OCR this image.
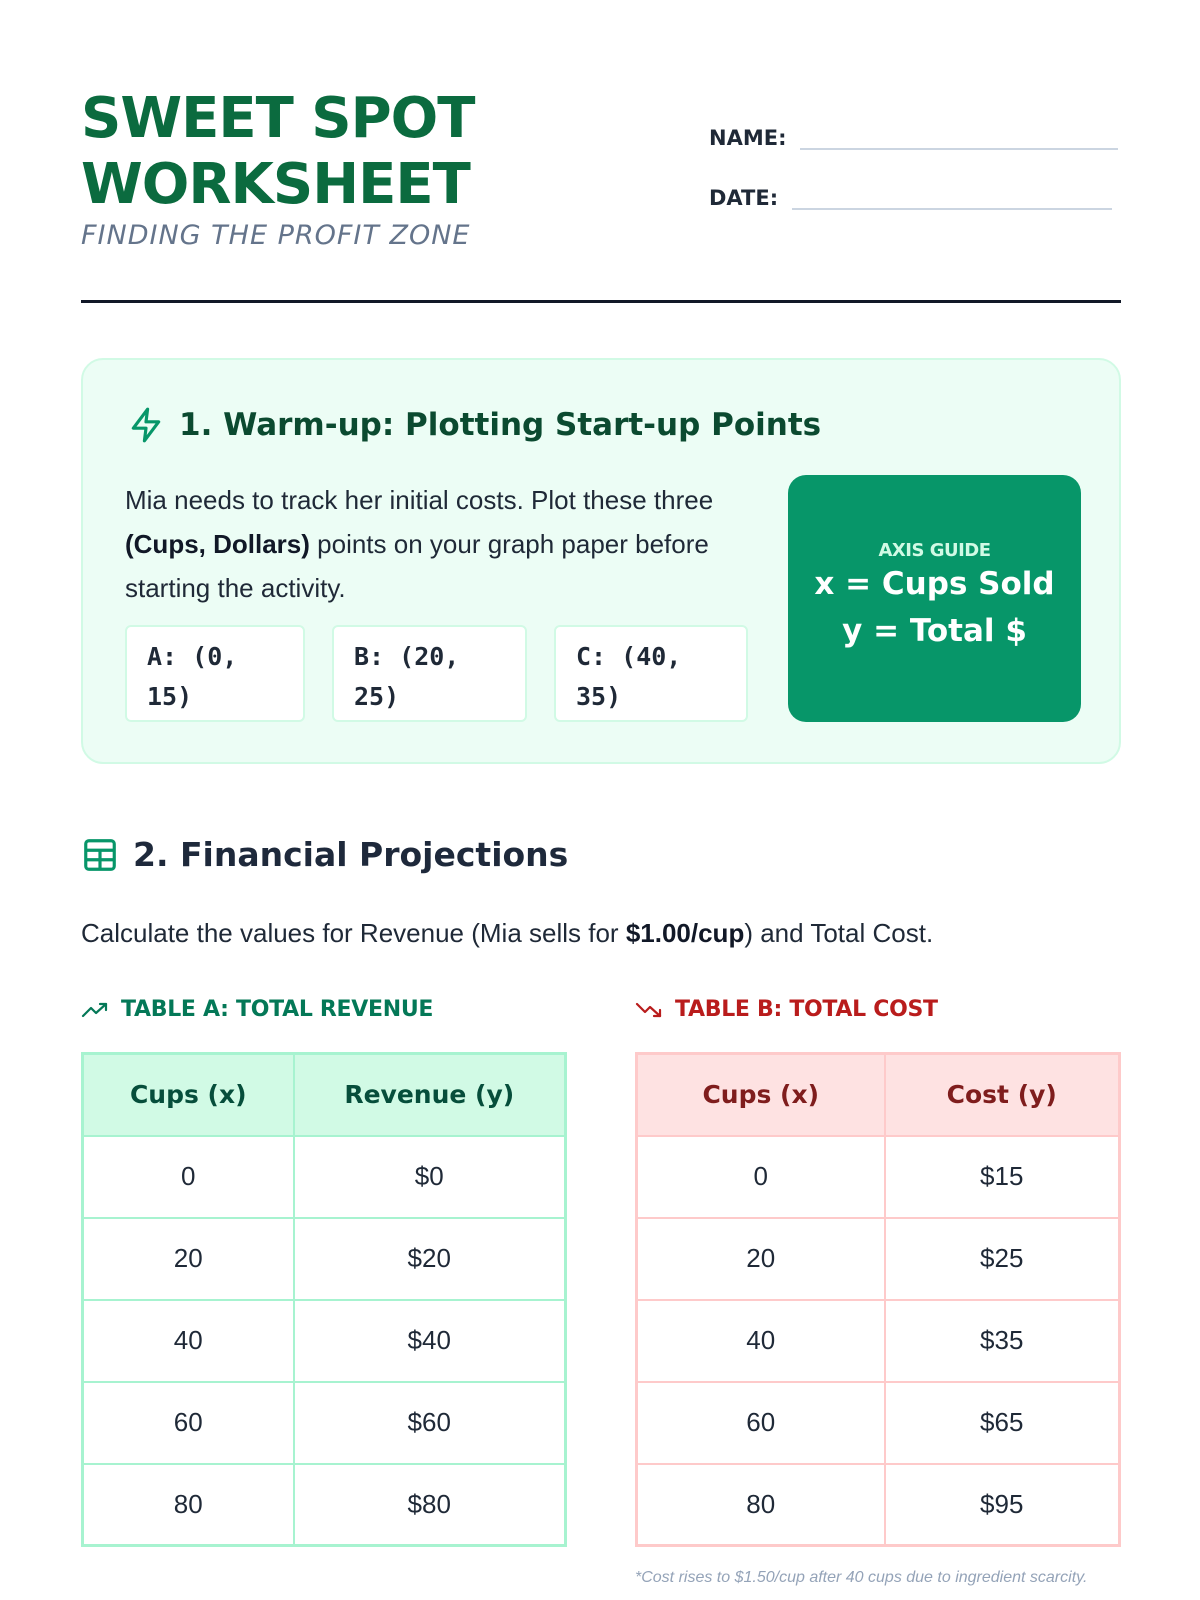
SWEET SPOT
WORKSHEET
FINDING THE PROFIT ZONE
NAME:
DATE:
1. Warm-up: Plotting Start-up Points
Mia needs to track her initial costs. Plot these three (Cups, Dollars) points on your graph paper before starting the activity.
A: (0, 15)
B: (20, 25)
C: (40, 35)
AXIS GUIDE
x = Cups Sold
y = Total $
2. Financial Projections
Calculate the values for Revenue (Mia sells for $1.00/cup) and Total Cost.
TABLE A: TOTAL REVENUE	TABLE B: TOTAL COST
Cups (x)	Revenue (y)
0	$0
20	$20
40	$40
60	$60
80	$80
Cups (x)	Cost (y)
0	$15
20	$25
40	$35
60	$65
80	$95
*Cost rises to $1.50/cup after 40 cups due to ingredient scarcity.
